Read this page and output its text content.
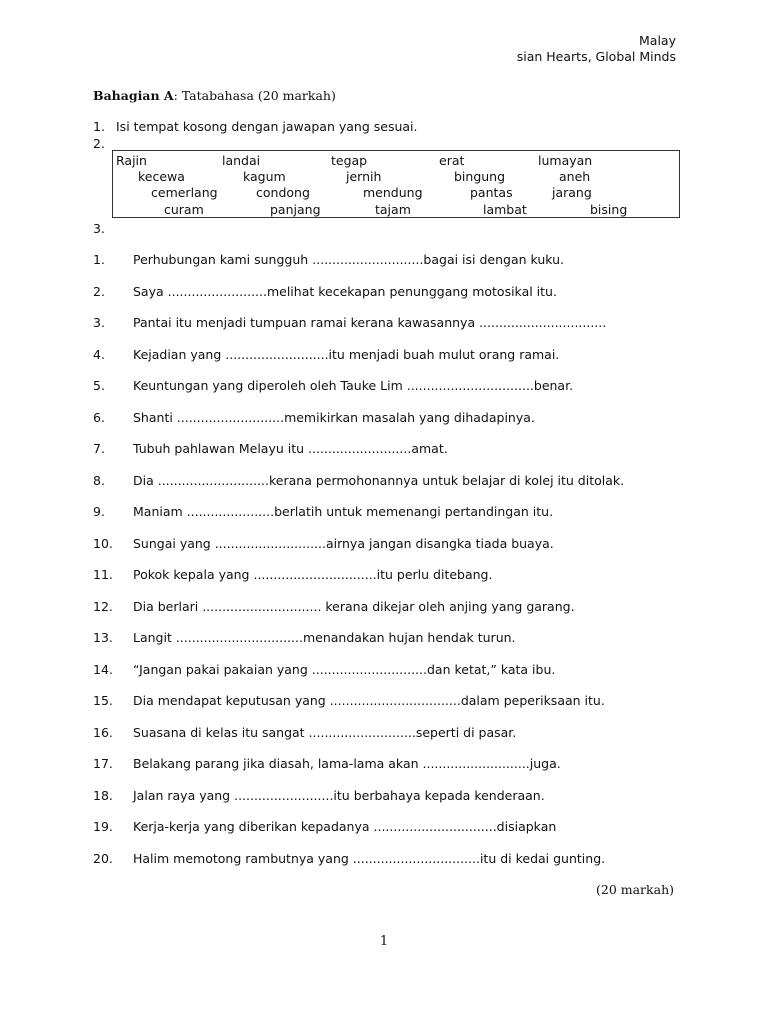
Malay
sian Hearts, Global Minds
Bahagian A: Tatabahasa (20 markah)
1. Isi tempat kosong dengan jawapan yang sesuai.
2.
3.
Rajin	landai	tegap	erat	lumayan
kecewa	kagum	jernih	bingung	aneh
cemerlang	condong	mendung	pantas	jarang
curam	panjang	tajam	lambat	bising
1. Perhubungan kami sungguh ............................bagai isi dengan kuku.
2. Saya .........................melihat kecekapan penunggang motosikal itu.
3. Pantai itu menjadi tumpuan ramai kerana kawasannya ................................
4. Kejadian yang ..........................itu menjadi buah mulut orang ramai.
5. Keuntungan yang diperoleh oleh Tauke Lim ................................benar.
6. Shanti ...........................memikirkan masalah yang dihadapinya.
7. Tubuh pahlawan Melayu itu ..........................amat.
8. Dia ............................kerana permohonannya untuk belajar di kolej itu ditolak.
9. Maniam ......................berlatih untuk memenangi pertandingan itu.
10. Sungai yang ............................airnya jangan disangka tiada buaya.
11. Pokok kepala yang ...............................itu perlu ditebang.
12. Dia berlari .............................. kerana dikejar oleh anjing yang garang.
13. Langit ................................menandakan hujan hendak turun.
14. “Jangan pakai pakaian yang .............................dan ketat,” kata ibu.
15. Dia mendapat keputusan yang .................................dalam peperiksaan itu.
16. Suasana di kelas itu sangat ...........................seperti di pasar.
17. Belakang parang jika diasah, lama-lama akan ...........................juga.
18. Jalan raya yang .........................itu berbahaya kepada kenderaan.
19. Kerja-kerja yang diberikan kepadanya ...............................disiapkan
20. Halim memotong rambutnya yang ................................itu di kedai gunting.
(20 markah)
1
